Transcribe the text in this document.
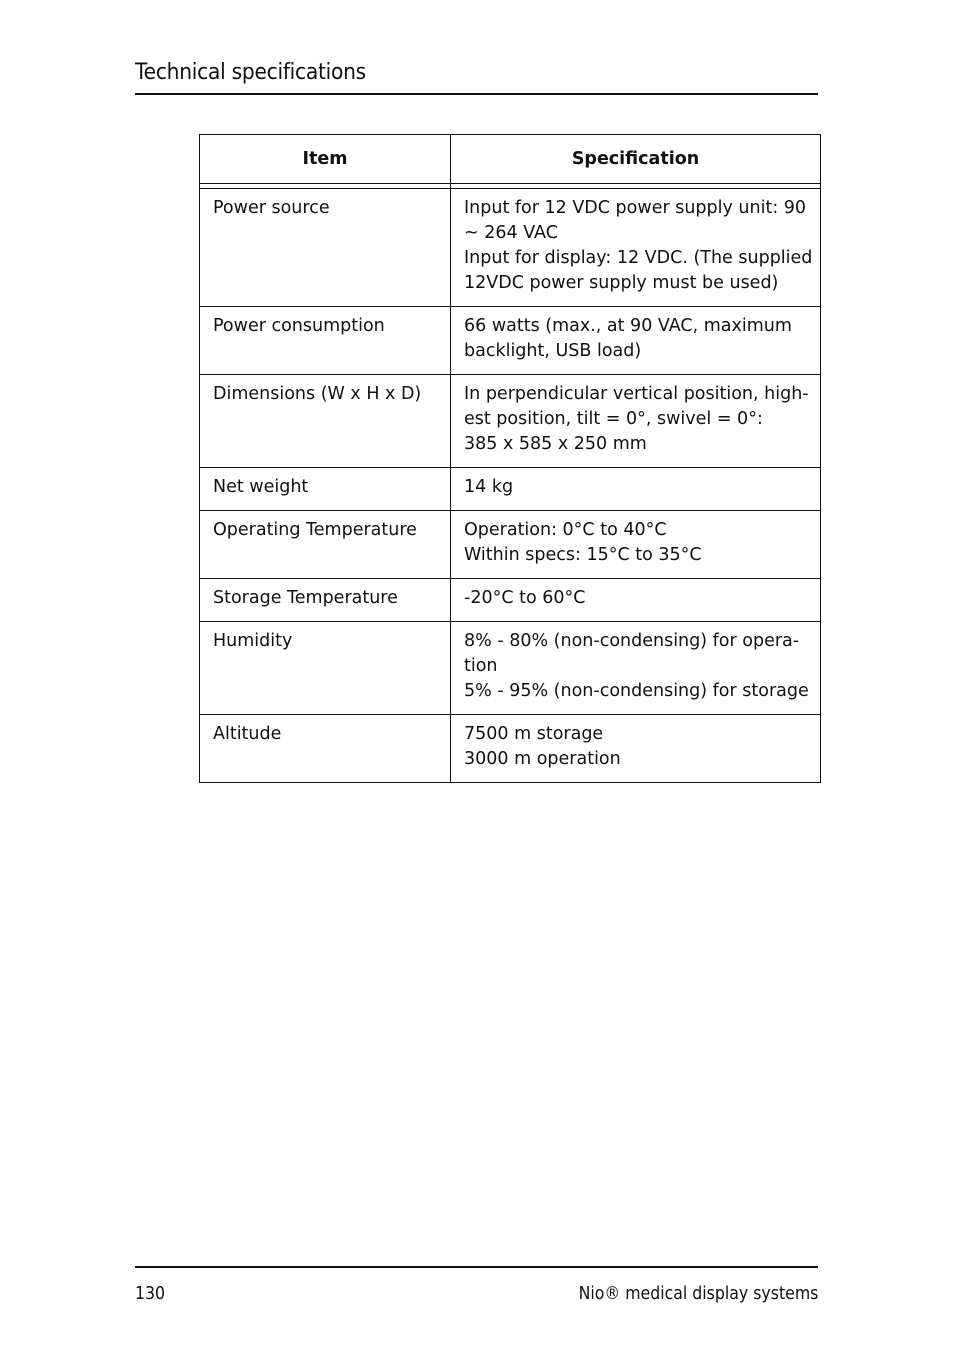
Technical specifications
Item	Specification

Power source	Input for 12 VDC power supply unit: 90 ~ 264 VAC
Input for display: 12 VDC. (The supplied 12VDC power supply must be used)
Power consumption	66 watts (max., at 90 VAC, maximum backlight, USB load)
Dimensions (W x H x D)	In perpendicular vertical position, high-est position, tilt = 0°, swivel = 0°:
385 x 585 x 250 mm
Net weight	14 kg
Operating Temperature	Operation: 0°C to 40°C
Within specs: 15°C to 35°C
Storage Temperature	-20°C to 60°C
Humidity	8% - 80% (non-condensing) for opera-tion
5% - 95% (non-condensing) for storage
Altitude	7500 m storage
3000 m operation
130	Nio® medical display systems
